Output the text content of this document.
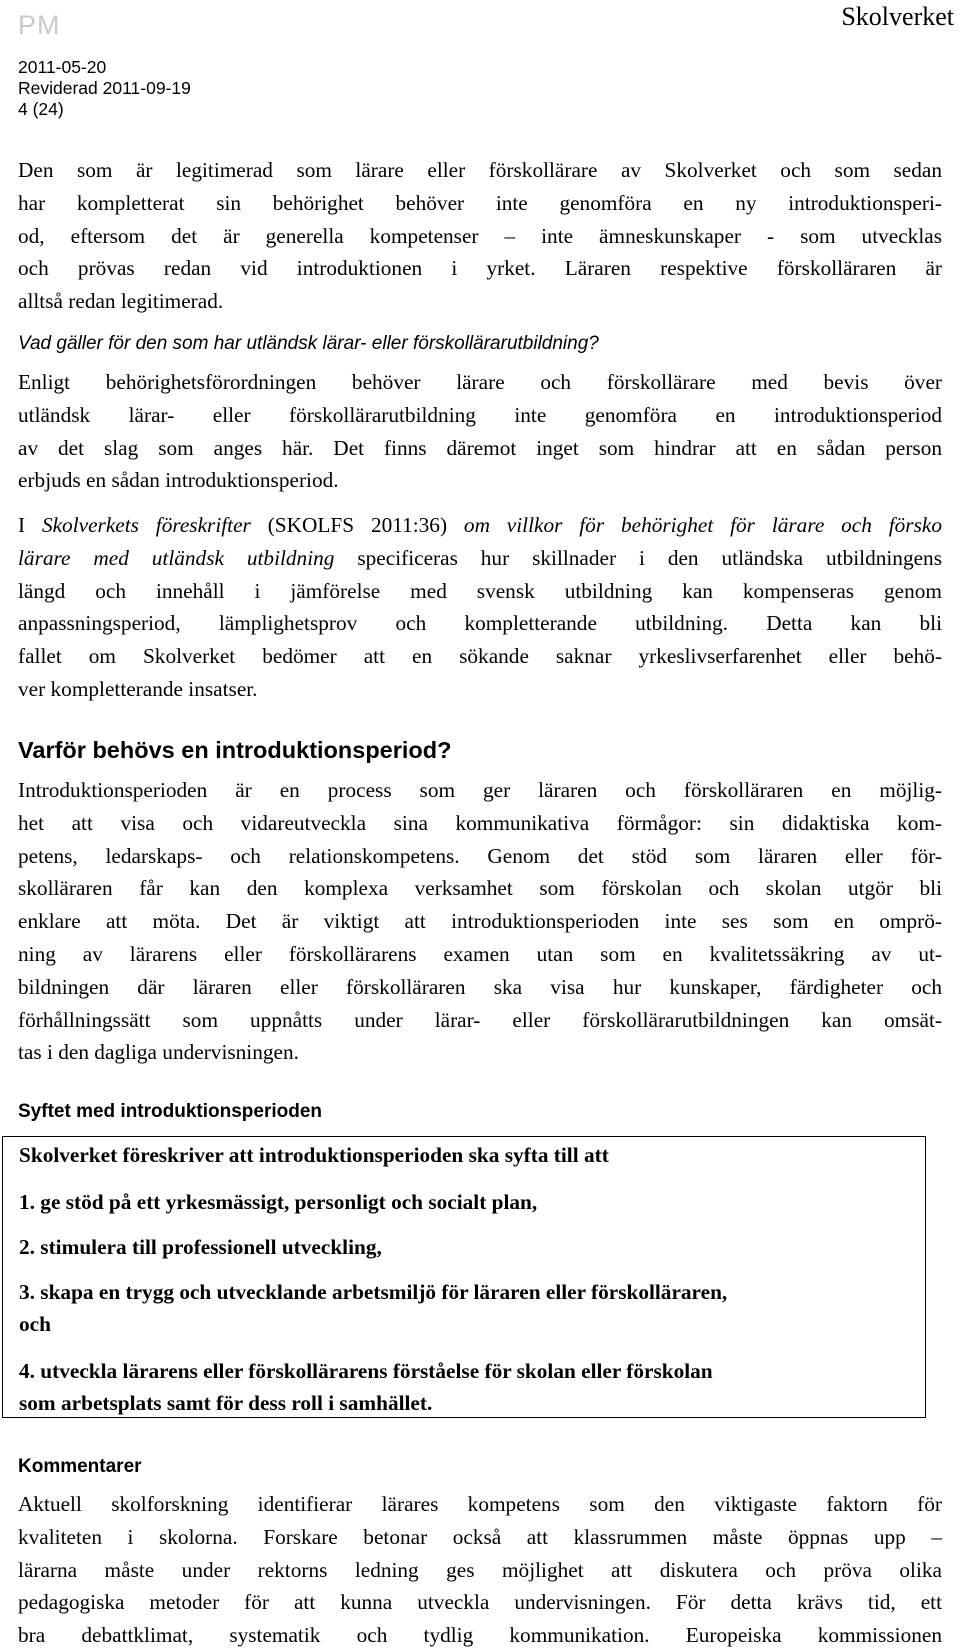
PM
2011-05-20
Reviderad 2011-09-19
4 (24)
Skolverket
Den som är legitimerad som lärare eller förskollärare av Skolverket och som sedan
har kompletterat sin behörighet behöver inte genomföra en ny introduktionsperi-
od, eftersom det är generella kompetenser – inte ämneskunskaper - som utvecklas
och prövas redan vid introduktionen i yrket. Läraren respektive förskolläraren är
alltså redan legitimerad.
Vad gäller för den som har utländsk lärar- eller förskollärarutbildning?
Enligt behörighetsförordningen behöver lärare och förskollärare med bevis över
utländsk lärar- eller förskollärarutbildning inte genomföra en introduktionsperiod
av det slag som anges här. Det finns däremot inget som hindrar att en sådan person
erbjuds en sådan introduktionsperiod.
I Skolverkets föreskrifter (SKOLFS 2011:36) om villkor för behörighet för lärare och försko
lärare med utländsk utbildning specificeras hur skillnader i den utländska utbildningens
längd och innehåll i jämförelse med svensk utbildning kan kompenseras genom
anpassningsperiod, lämplighetsprov och kompletterande utbildning. Detta kan bli
fallet om Skolverket bedömer att en sökande saknar yrkeslivserfarenhet eller behö-
ver kompletterande insatser.
Varför behövs en introduktionsperiod?
Introduktionsperioden är en process som ger läraren och förskolläraren en möjlig-
het att visa och vidareutveckla sina kommunikativa förmågor: sin didaktiska kom-
petens, ledarskaps- och relationskompetens. Genom det stöd som läraren eller för-
skolläraren får kan den komplexa verksamhet som förskolan och skolan utgör bli
enklare att möta. Det är viktigt att introduktionsperioden inte ses som en omprö-
ning av lärarens eller förskollärarens examen utan som en kvalitetssäkring av ut-
bildningen där läraren eller förskolläraren ska visa hur kunskaper, färdigheter och
förhållningssätt som uppnåtts under lärar- eller förskollärarutbildningen kan omsät-
tas i den dagliga undervisningen.
Syftet med introduktionsperioden
Skolverket föreskriver att introduktionsperioden ska syfta till att
1. ge stöd på ett yrkesmässigt, personligt och socialt plan,
2. stimulera till professionell utveckling,
3. skapa en trygg och utvecklande arbetsmiljö för läraren eller förskolläraren,
och
4. utveckla lärarens eller förskollärarens förståelse för skolan eller förskolan
som arbetsplats samt för dess roll i samhället.
Kommentarer
Aktuell skolforskning identifierar lärares kompetens som den viktigaste faktorn för
kvaliteten i skolorna. Forskare betonar också att klassrummen måste öppnas upp –
lärarna måste under rektorns ledning ges möjlighet att diskutera och pröva olika
pedagogiska metoder för att kunna utveckla undervisningen. För detta krävs tid, ett
bra debattklimat, systematik och tydlig kommunikation. Europeiska kommissionen
